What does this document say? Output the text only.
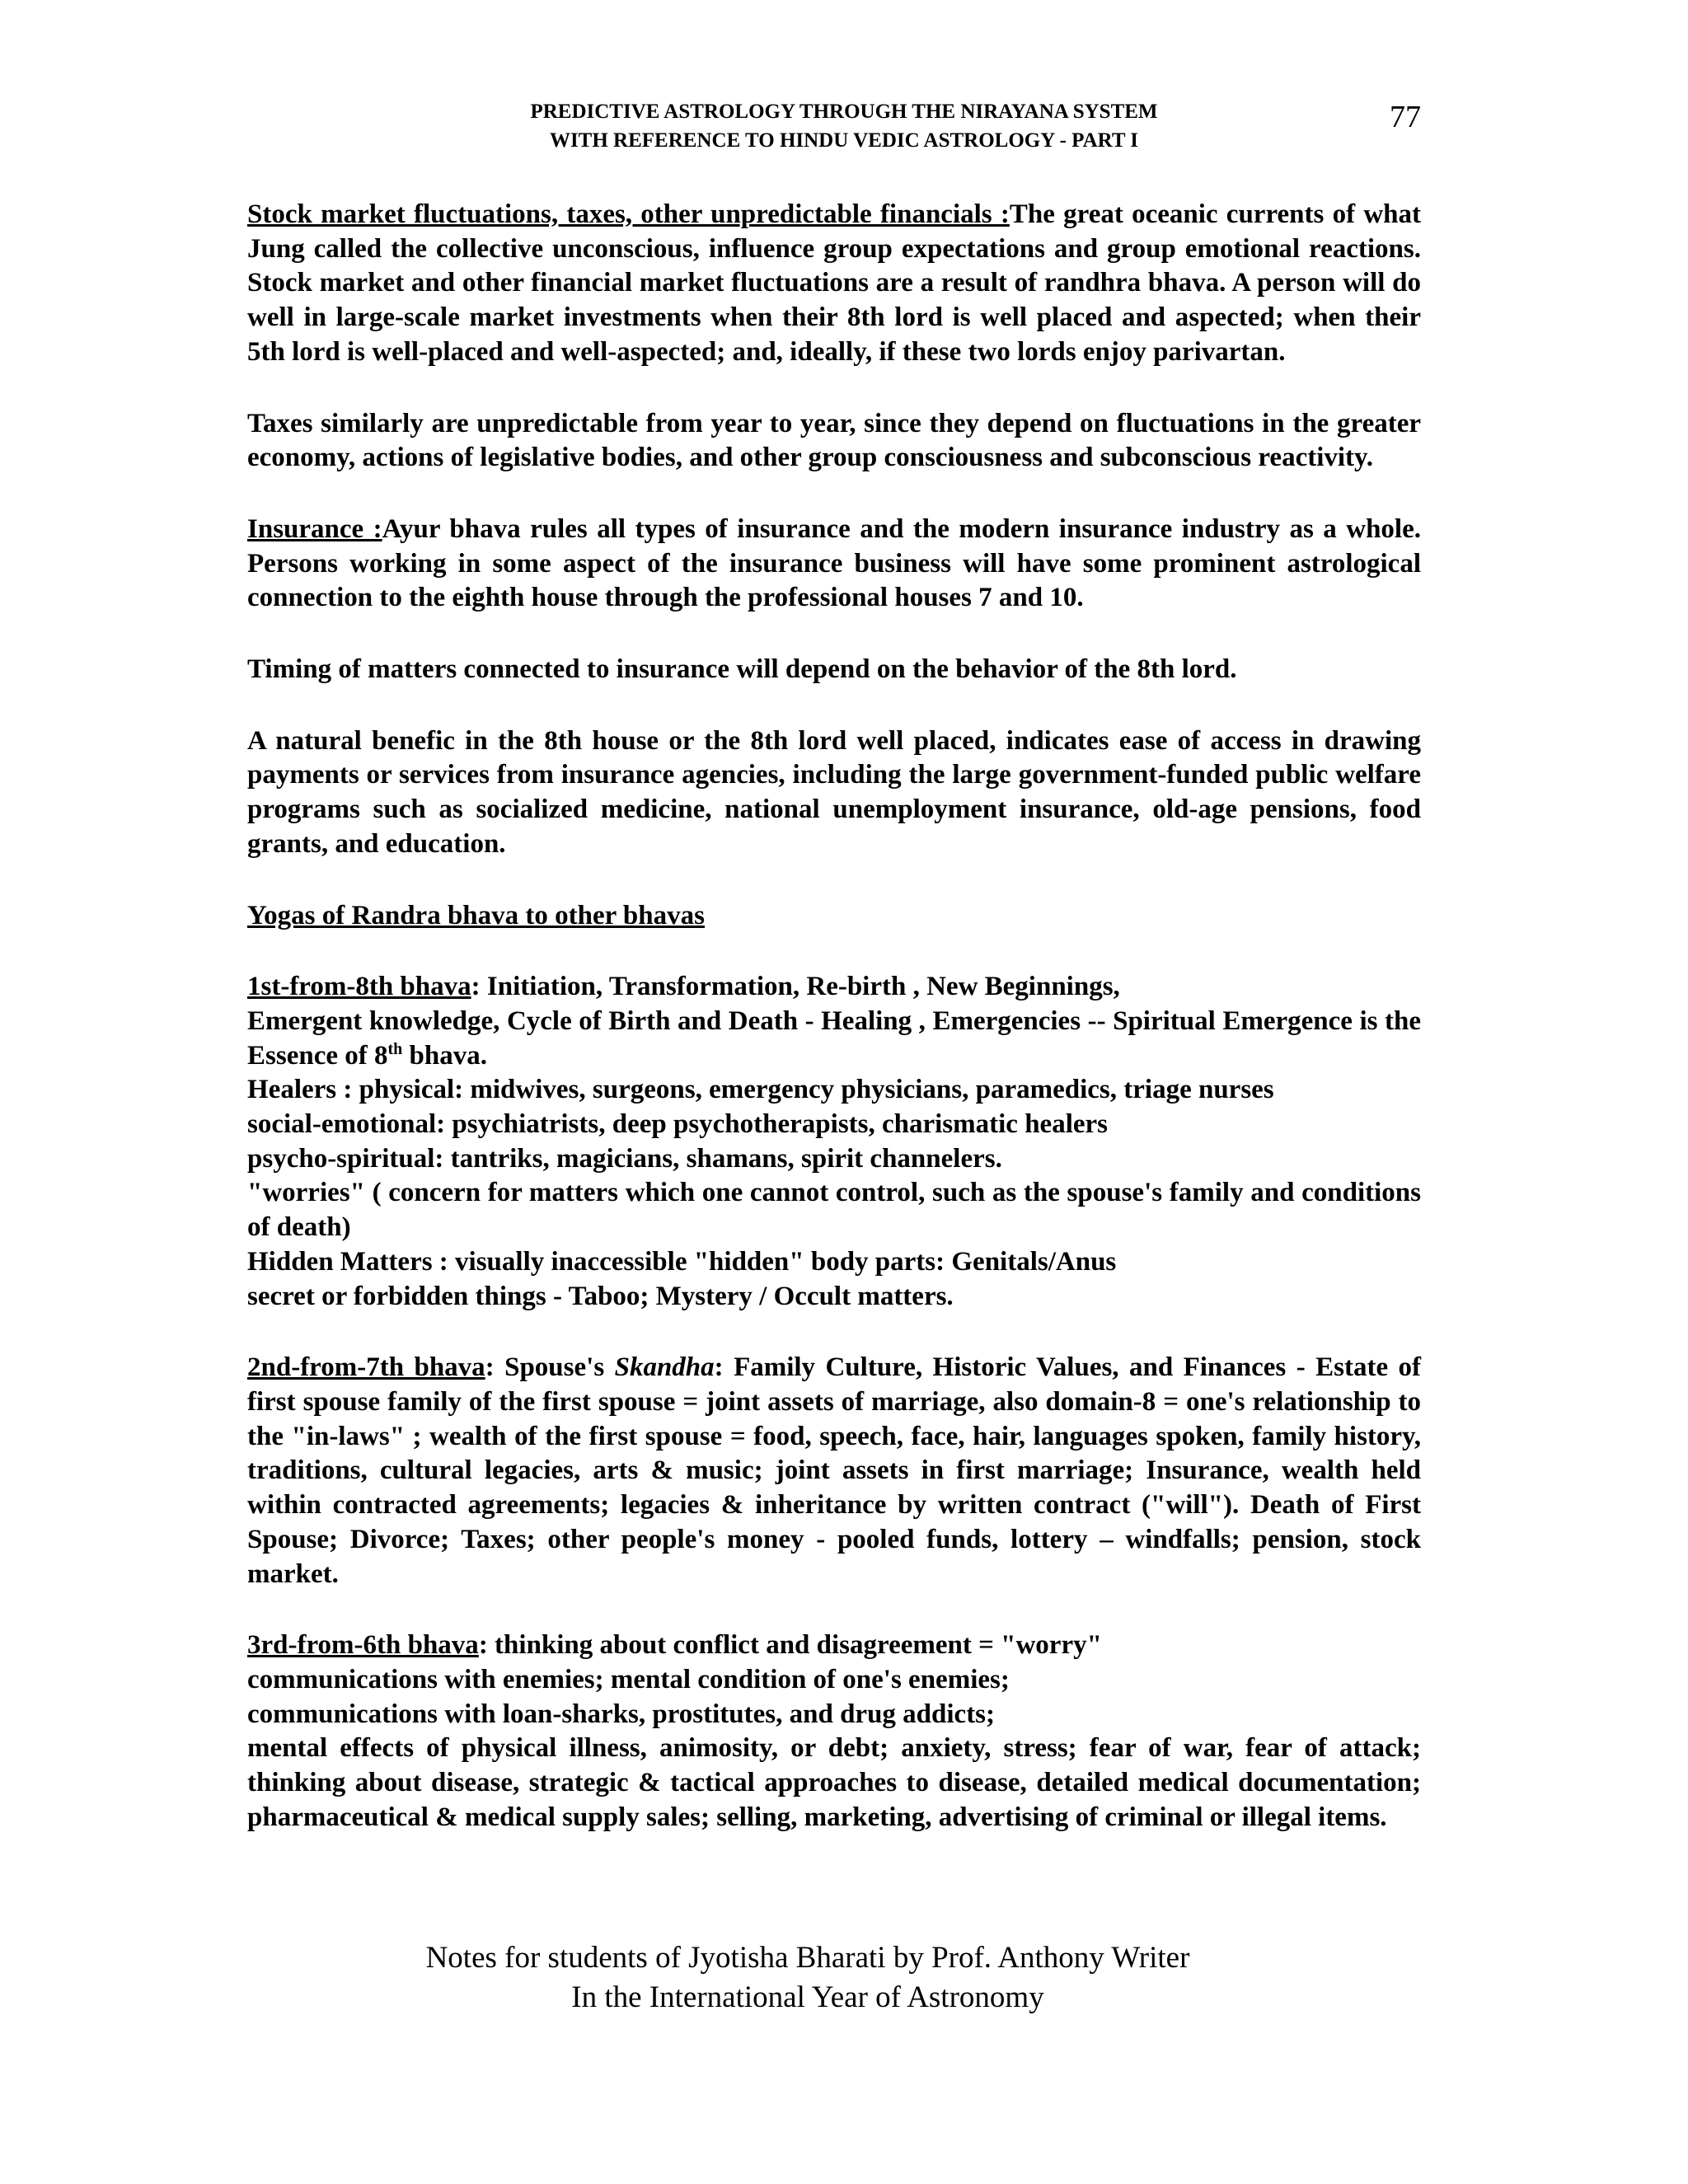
PREDICTIVE ASTROLOGY THROUGH THE NIRAYANA SYSTEM
WITH REFERENCE TO HINDU VEDIC ASTROLOGY - PART I
77

Stock market fluctuations, taxes, other unpredictable financials :The great oceanic currents of what Jung called the collective unconscious, influence group expectations and group emotional reactions. Stock market and other financial market fluctuations are a result of randhra bhava. A person will do well in large-scale market investments when their 8th lord is well placed and aspected; when their 5th lord is well-placed and well-aspected; and, ideally, if these two lords enjoy parivartan.

Taxes similarly are unpredictable from year to year, since they depend on fluctuations in the greater economy, actions of legislative bodies, and other group consciousness and subconscious reactivity.

Insurance :Ayur bhava rules all types of insurance and the modern insurance industry as a whole. Persons working in some aspect of the insurance business will have some prominent astrological connection to the eighth house through the professional houses 7 and 10.

Timing of matters connected to insurance will depend on the behavior of the 8th lord.

A natural benefic in the 8th house or the 8th lord well placed, indicates ease of access in drawing payments or services from insurance agencies, including the large government-funded public welfare programs such as socialized medicine, national unemployment insurance, old-age pensions, food grants, and education.

Yogas of Randra bhava to other bhavas

1st-from-8th bhava: Initiation, Transformation, Re-birth , New Beginnings,

Emergent knowledge, Cycle of Birth and Death - Healing , Emergencies -- Spiritual Emergence is the Essence of 8th bhava.

Healers : physical: midwives, surgeons, emergency physicians, paramedics, triage nurses

social-emotional: psychiatrists, deep psychotherapists, charismatic healers

psycho-spiritual: tantriks, magicians, shamans, spirit channelers.

"worries" ( concern for matters which one cannot control, such as the spouse's family and conditions of death)

Hidden Matters : visually inaccessible "hidden" body parts: Genitals/Anus

secret or forbidden things - Taboo; Mystery / Occult matters.

2nd-from-7th bhava: Spouse's Skandha: Family Culture, Historic Values, and Finances - Estate of first spouse family of the first spouse = joint assets of marriage, also domain-8 = one's relationship to the "in-laws" ; wealth of the first spouse = food, speech, face, hair, languages spoken, family history, traditions, cultural legacies, arts & music; joint assets in first marriage; Insurance, wealth held within contracted agreements; legacies & inheritance by written contract ("will"). Death of First Spouse; Divorce; Taxes; other people's money - pooled funds, lottery – windfalls; pension, stock market.

3rd-from-6th bhava: thinking about conflict and disagreement = "worry"

communications with enemies; mental condition of one's enemies;

communications with loan-sharks, prostitutes, and drug addicts;

mental effects of physical illness, animosity, or debt; anxiety, stress; fear of war, fear of attack; thinking about disease, strategic & tactical approaches to disease, detailed medical documentation; pharmaceutical & medical supply sales; selling, marketing, advertising of criminal or illegal items.

Notes for students of Jyotisha Bharati by Prof. Anthony Writer
In the International Year of Astronomy
